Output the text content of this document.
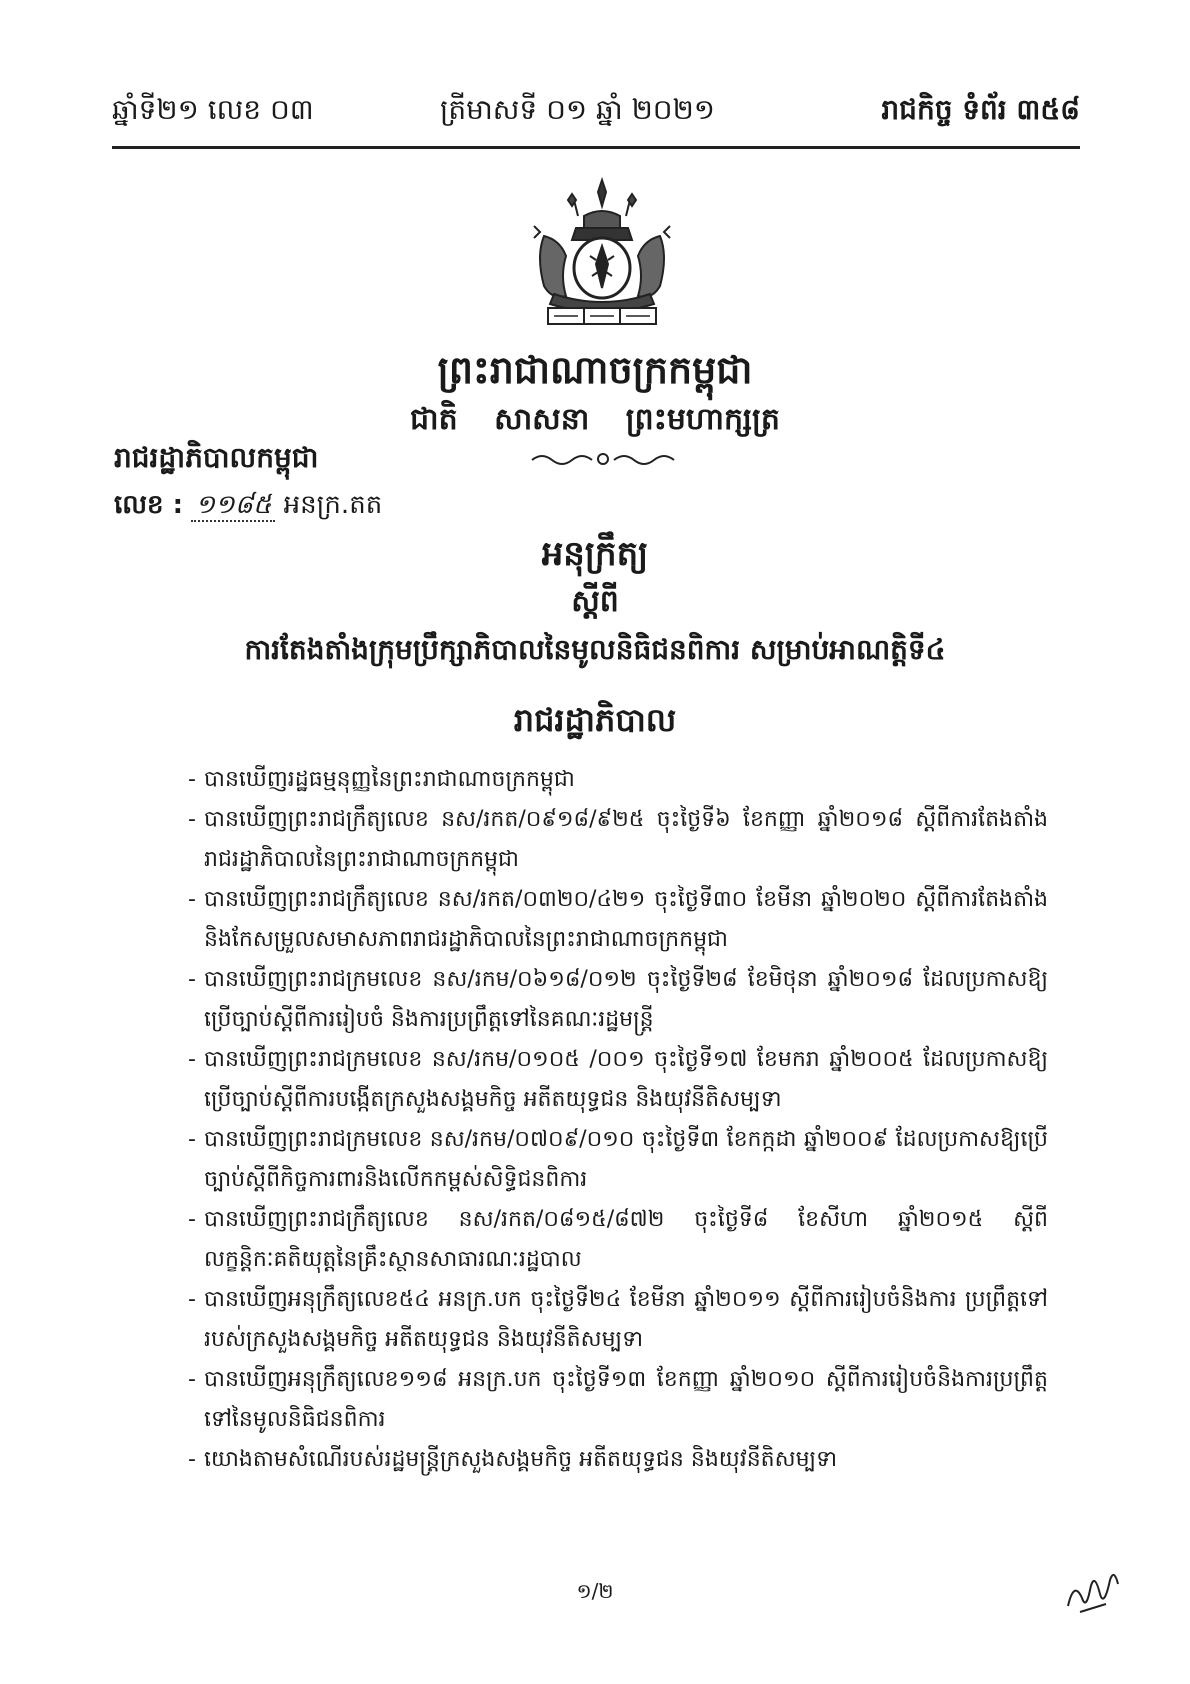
ឆ្នាំទី២១ លេខ ០៣	ត្រីមាសទី ០១ ឆ្នាំ ២០២១	រាជកិច្ច ទំព័រ ៣៥៨
ព្រះរាជាណាចក្រកម្ពុជា
ជាតិ សាសនា ព្រះមហាក្សត្រ
រាជរដ្ឋាភិបាលកម្ពុជា
លេខ : ១១៨៥ អនក្រ.តត
អនុក្រឹត្យ
ស្ដីពី
ការតែងតាំងក្រុមប្រឹក្សាភិបាលនៃមូលនិធិជនពិការ សម្រាប់អាណត្តិទី៤
រាជរដ្ឋាភិបាល
- បានឃើញរដ្ឋធម្មនុញ្ញនៃព្រះរាជាណាចក្រកម្ពុជា
- បានឃើញព្រះរាជក្រឹត្យលេខ នស/រកត/០៩១៨/៩២៥ ចុះថ្ងៃទី៦ ខែកញ្ញា ឆ្នាំ២០១៨ ស្ដីពីការតែងតាំងរាជរដ្ឋាភិបាលនៃព្រះរាជាណាចក្រកម្ពុជា
- បានឃើញព្រះរាជក្រឹត្យលេខ នស/រកត/០៣២០/៤២១ ចុះថ្ងៃទី៣០ ខែមីនា ឆ្នាំ២០២០ ស្ដីពីការតែងតាំងនិងកែសម្រួលសមាសភាពរាជរដ្ឋាភិបាលនៃព្រះរាជាណាចក្រកម្ពុជា
- បានឃើញព្រះរាជក្រមលេខ នស/រកម/០៦១៨/០១២ ចុះថ្ងៃទី២៨ ខែមិថុនា ឆ្នាំ២០១៨ ដែលប្រកាសឱ្យប្រើច្បាប់ស្ដីពីការរៀបចំ និងការប្រព្រឹត្តទៅនៃគណៈរដ្ឋមន្ត្រី
- បានឃើញព្រះរាជក្រមលេខ នស/រកម/០១០៥ /០០១ ចុះថ្ងៃទី១៧ ខែមករា ឆ្នាំ២០០៥ ដែលប្រកាសឱ្យប្រើច្បាប់ស្ដីពីការបង្កើតក្រសួងសង្គមកិច្ច អតីតយុទ្ធជន និងយុវនីតិសម្បទា
- បានឃើញព្រះរាជក្រមលេខ នស/រកម/០៧០៩/០១០ ចុះថ្ងៃទី៣ ខែកក្កដា ឆ្នាំ២០០៩ ដែលប្រកាសឱ្យប្រើច្បាប់ស្ដីពីកិច្ចការពារនិងលើកកម្ពស់សិទ្ធិជនពិការ
- បានឃើញព្រះរាជក្រឹត្យលេខ នស/រកត/០៨១៥/៨៧២ ចុះថ្ងៃទី៨ ខែសីហា ឆ្នាំ២០១៥ ស្ដីពីលក្ខន្តិកៈគតិយុត្តនៃគ្រឹះស្ថានសាធារណៈរដ្ឋបាល
- បានឃើញអនុក្រឹត្យលេខ៥៤ អនក្រ.បក ចុះថ្ងៃទី២៤ ខែមីនា ឆ្នាំ២០១១ ស្ដីពីការរៀបចំនិងការ ប្រព្រឹត្តទៅរបស់ក្រសួងសង្គមកិច្ច អតីតយុទ្ធជន និងយុវនីតិសម្បទា
- បានឃើញអនុក្រឹត្យលេខ១១៨ អនក្រ.បក ចុះថ្ងៃទី១៣ ខែកញ្ញា ឆ្នាំ២០១០ ស្ដីពីការរៀបចំនិងការប្រព្រឹត្តទៅនៃមូលនិធិជនពិការ
- យោងតាមសំណើរបស់រដ្ឋមន្ត្រីក្រសួងសង្គមកិច្ច អតីតយុទ្ធជន និងយុវនីតិសម្បទា
១/២
